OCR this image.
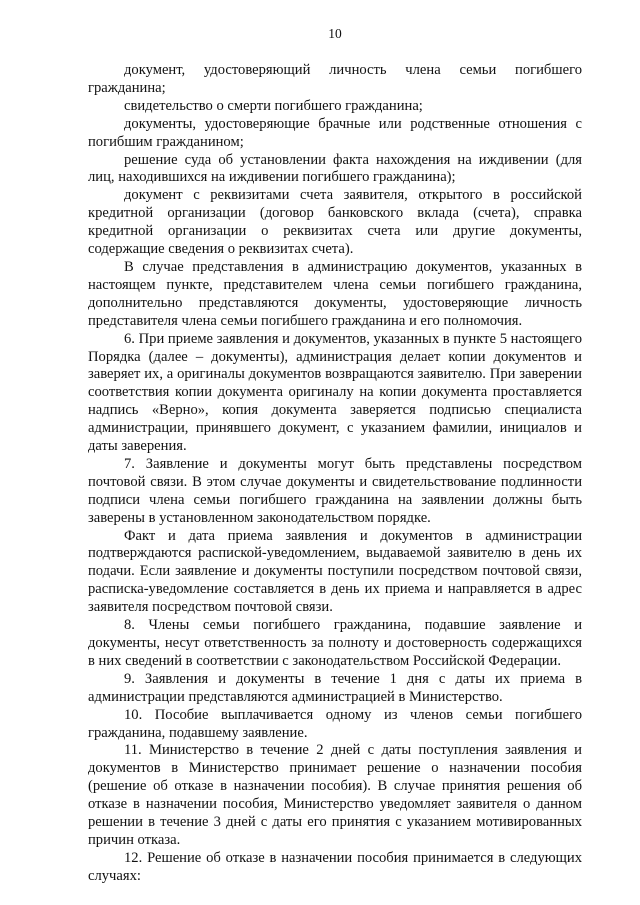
10

документ, удостоверяющий личность члена семьи погибшего гражданина;

свидетельство о смерти погибшего гражданина;

документы, удостоверяющие брачные или родственные отношения с погибшим гражданином;

решение суда об установлении факта нахождения на иждивении (для лиц, находившихся на иждивении погибшего гражданина);

документ с реквизитами счета заявителя, открытого в российской кредитной организации (договор банковского вклада (счета), справка кредитной организации о реквизитах счета или другие документы, содержащие сведения о реквизитах счета).

В случае представления в администрацию документов, указанных в настоящем пункте, представителем члена семьи погибшего гражданина, дополнительно представляются документы, удостоверяющие личность представителя члена семьи погибшего гражданина и его полномочия.

6. При приеме заявления и документов, указанных в пункте 5 настоящего Порядка (далее – документы), администрация делает копии документов и заверяет их, а оригиналы документов возвращаются заявителю. При заверении соответствия копии документа оригиналу на копии документа проставляется надпись «Верно», копия документа заверяется подписью специалиста администрации, принявшего документ, с указанием фамилии, инициалов и даты заверения.

7. Заявление и документы могут быть представлены посредством почтовой связи. В этом случае документы и свидетельствование подлинности подписи члена семьи погибшего гражданина на заявлении должны быть заверены в установленном законодательством порядке.

Факт и дата приема заявления и документов в администрации подтверждаются распиской-уведомлением, выдаваемой заявителю в день их подачи. Если заявление и документы поступили посредством почтовой связи, расписка-уведомление составляется в день их приема и направляется в адрес заявителя посредством почтовой связи.

8. Члены семьи погибшего гражданина, подавшие заявление и документы, несут ответственность за полноту и достоверность содержащихся в них сведений в соответствии с законодательством Российской Федерации.

9. Заявления и документы в течение 1 дня с даты их приема в администрации представляются администрацией в Министерство.

10. Пособие выплачивается одному из членов семьи погибшего гражданина, подавшему заявление.

11. Министерство в течение 2 дней с даты поступления заявления и документов в Министерство принимает решение о назначении пособия (решение об отказе в назначении пособия). В случае принятия решения об отказе в назначении пособия, Министерство уведомляет заявителя о данном решении в течение 3 дней с даты его принятия с указанием мотивированных причин отказа.

12. Решение об отказе в назначении пособия принимается в следующих случаях:
